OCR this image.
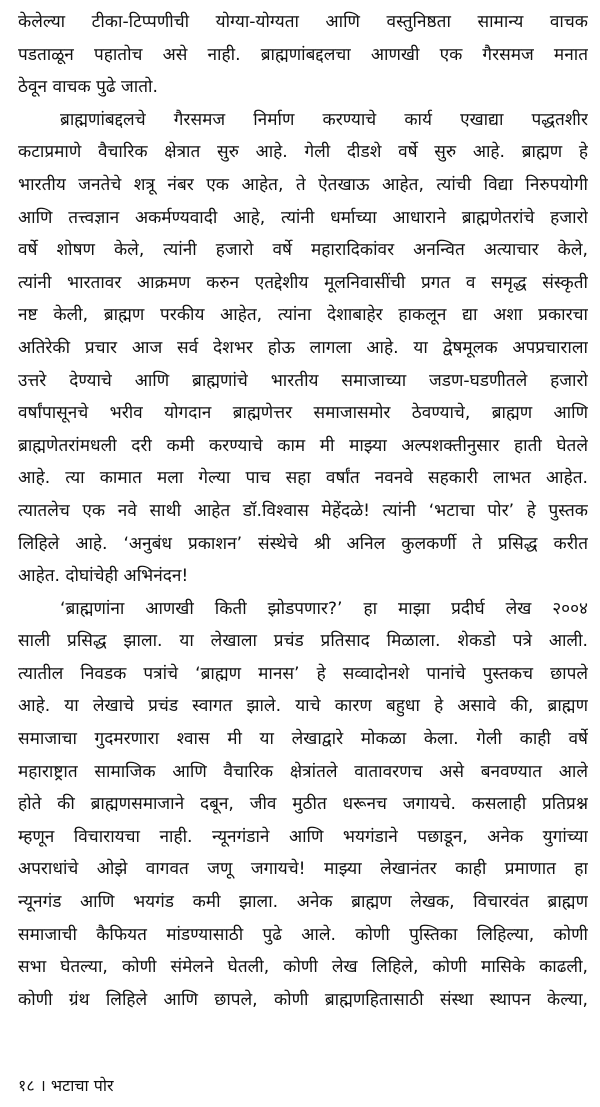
केलेल्या टीका-टिप्पणीची योग्या-योग्यता आणि वस्तुनिष्ठता सामान्य वाचक
पडताळून पहातोच असे नाही. ब्राह्मणांबद्दलचा आणखी एक गैरसमज मनात
ठेवून वाचक पुढे जातो.
ब्राह्मणांबद्दलचे गैरसमज निर्माण करण्याचे कार्य एखाद्या पद्धतशीर
कटाप्रमाणे वैचारिक क्षेत्रात सुरु आहे. गेली दीडशे वर्षे सुरु आहे. ब्राह्मण हे
भारतीय जनतेचे शत्रू नंबर एक आहेत, ते ऐतखाऊ आहेत, त्यांची विद्या निरुपयोगी
आणि तत्त्वज्ञान अकर्मण्यवादी आहे, त्यांनी धर्माच्या आधाराने ब्राह्मणेतरांचे हजारो
वर्षे शोषण केले, त्यांनी हजारो वर्षे महारादिकांवर अनन्वित अत्याचार केले,
त्यांनी भारतावर आक्रमण करुन एतद्देशीय मूलनिवासींची प्रगत व समृद्ध संस्कृती
नष्ट केली, ब्राह्मण परकीय आहेत, त्यांना देशाबाहेर हाकलून द्या अशा प्रकारचा
अतिरेकी प्रचार आज सर्व देशभर होऊ लागला आहे. या द्वेषमूलक अपप्रचाराला
उत्तरे देण्याचे आणि ब्राह्मणांचे भारतीय समाजाच्या जडण-घडणीतले हजारो
वर्षांपासूनचे भरीव योगदान ब्राह्मणेत्तर समाजासमोर ठेवण्याचे, ब्राह्मण आणि
ब्राह्मणेतरांमधली दरी कमी करण्याचे काम मी माझ्या अल्पशक्तीनुसार हाती घेतले
आहे. त्या कामात मला गेल्या पाच सहा वर्षांत नवनवे सहकारी लाभत आहेत.
त्यातलेच एक नवे साथी आहेत डॉ.विश्वास मेहेंदळे! त्यांनी ‘भटाचा पोर’ हे पुस्तक
लिहिले आहे. ‘अनुबंध प्रकाशन’ संस्थेचे श्री अनिल कुलकर्णी ते प्रसिद्ध करीत
आहेत. दोघांचेही अभिनंदन!
‘ब्राह्मणांना आणखी किती झोडपणार?’ हा माझा प्रदीर्घ लेख २००४
साली प्रसिद्ध झाला. या लेखाला प्रचंड प्रतिसाद मिळाला. शेकडो पत्रे आली.
त्यातील निवडक पत्रांचे ‘ब्राह्मण मानस’ हे सव्वादोनशे पानांचे पुस्तकच छापले
आहे. या लेखाचे प्रचंड स्वागत झाले. याचे कारण बहुधा हे असावे की, ब्राह्मण
समाजाचा गुदमरणारा श्वास मी या लेखाद्वारे मोकळा केला. गेली काही वर्षे
महाराष्ट्रात सामाजिक आणि वैचारिक क्षेत्रांतले वातावरणच असे बनवण्यात आले
होते की ब्राह्मणसमाजाने दबून, जीव मुठीत धरूनच जगायचे. कसलाही प्रतिप्रश्न
म्हणून विचारायचा नाही. न्यूनगंडाने आणि भयगंडाने पछाडून, अनेक युगांच्या
अपराधांचे ओझे वागवत जणू जगायचे! माझ्या लेखानंतर काही प्रमाणात हा
न्यूनगंड आणि भयगंड कमी झाला. अनेक ब्राह्मण लेखक, विचारवंत ब्राह्मण
समाजाची कैफियत मांडण्यासाठी पुढे आले. कोणी पुस्तिका लिहिल्या, कोणी
सभा घेतल्या, कोणी संमेलने घेतली, कोणी लेख लिहिले, कोणी मासिके काढली,
कोणी ग्रंथ लिहिले आणि छापले, कोणी ब्राह्मणहितासाठी संस्था स्थापन केल्या,
१८ । भटाचा पोर
